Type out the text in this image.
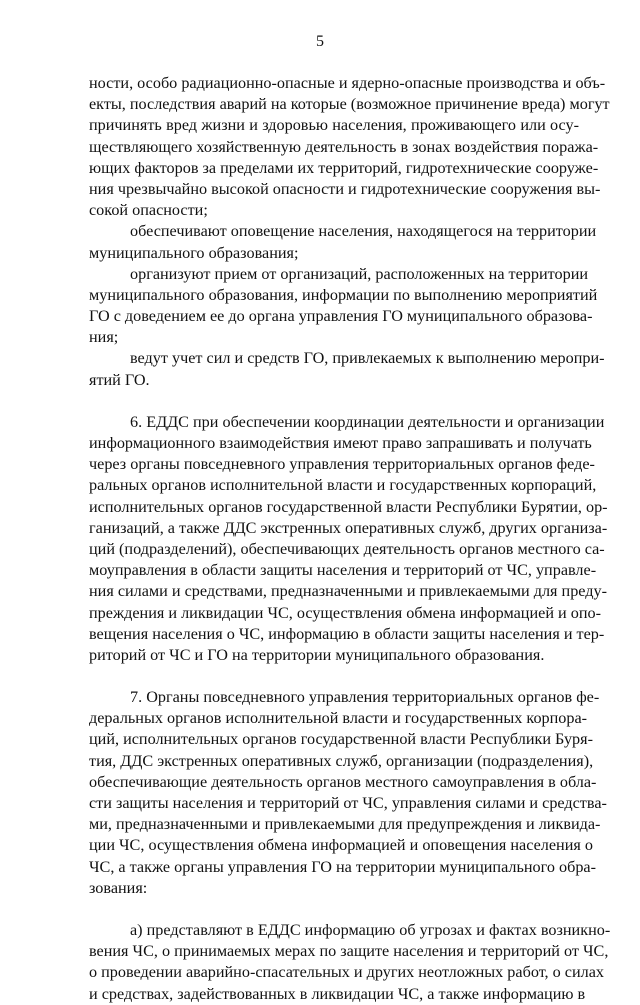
5
ности, особо радиационно-опасные и ядерно-опасные производства и объ-
екты, последствия аварий на которые (возможное причинение вреда) могут
причинять вред жизни и здоровью населения, проживающего или осу-
ществляющего хозяйственную деятельность в зонах воздействия поража-
ющих факторов за пределами их территорий, гидротехнические сооруже-
ния чрезвычайно высокой опасности и гидротехнические сооружения вы-
сокой опасности;
обеспечивают оповещение населения, находящегося на территории
муниципального образования;
организуют прием от организаций, расположенных на территории
муниципального образования, информации по выполнению мероприятий
ГО с доведением ее до органа управления ГО муниципального образова-
ния;
ведут учет сил и средств ГО, привлекаемых к выполнению меропри-
ятий ГО.
6. ЕДДС при обеспечении координации деятельности и организации
информационного взаимодействия имеют право запрашивать и получать
через органы повседневного управления территориальных органов феде-
ральных органов исполнительной власти и государственных корпораций,
исполнительных органов государственной власти Республики Бурятии, ор-
ганизаций, а также ДДС экстренных оперативных служб, других организа-
ций (подразделений), обеспечивающих деятельность органов местного са-
моуправления в области защиты населения и территорий от ЧС, управле-
ния силами и средствами, предназначенными и привлекаемыми для преду-
преждения и ликвидации ЧС, осуществления обмена информацией и опо-
вещения населения о ЧС, информацию в области защиты населения и тер-
риторий от ЧС и ГО на территории муниципального образования.
7. Органы повседневного управления территориальных органов фе-
деральных органов исполнительной власти и государственных корпора-
ций, исполнительных органов государственной власти Республики Буря-
тия, ДДС экстренных оперативных служб, организации (подразделения),
обеспечивающие деятельность органов местного самоуправления в обла-
сти защиты населения и территорий от ЧС, управления силами и средства-
ми, предназначенными и привлекаемыми для предупреждения и ликвида-
ции ЧС, осуществления обмена информацией и оповещения населения о
ЧС, а также органы управления ГО на территории муниципального обра-
зования:
а) представляют в ЕДДС информацию об угрозах и фактах возникно-
вения ЧС, о принимаемых мерах по защите населения и территорий от ЧС,
о проведении аварийно-спасательных и других неотложных работ, о силах
и средствах, задействованных в ликвидации ЧС, а также информацию в
